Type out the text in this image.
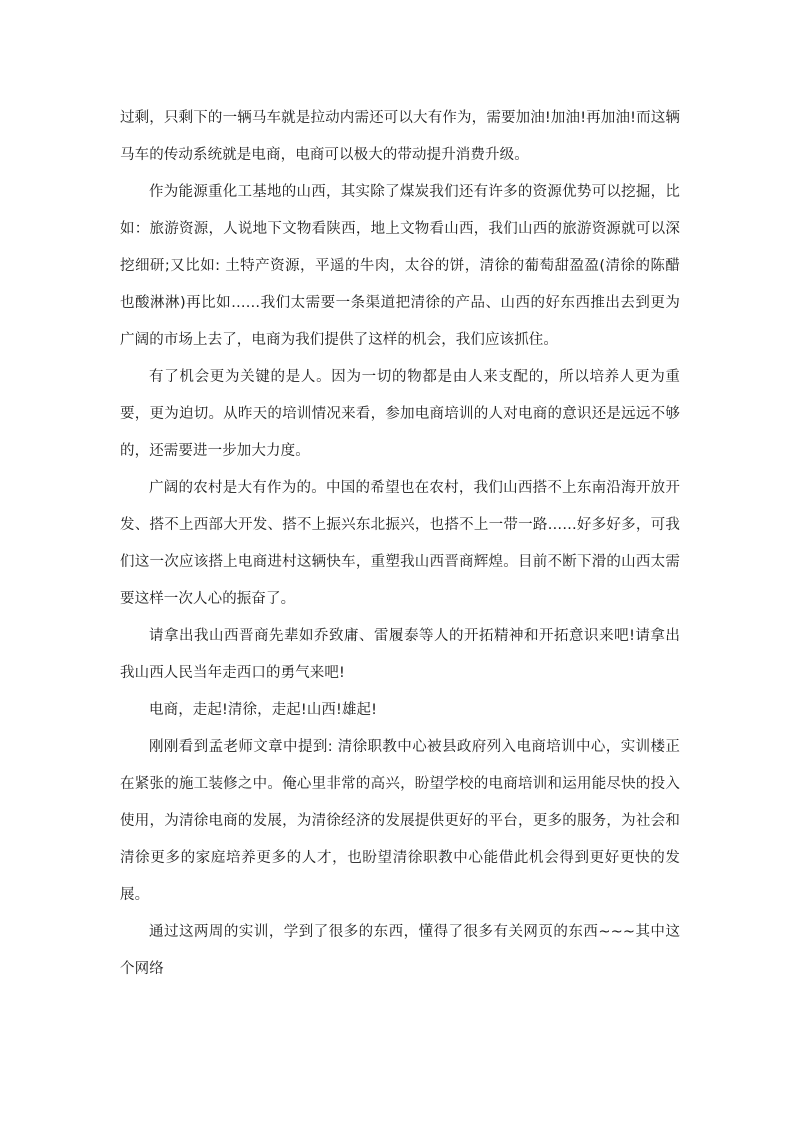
过剩，只剩下的一辆马车就是拉动内需还可以大有作为，需要加油!加油!再加油!而这辆马车的传动系统就是电商，电商可以极大的带动提升消费升级。

作为能源重化工基地的山西，其实除了煤炭我们还有许多的资源优势可以挖掘，比如：旅游资源，人说地下文物看陕西，地上文物看山西，我们山西的旅游资源就可以深挖细研;又比如: 土特产资源，平遥的牛肉，太谷的饼，清徐的葡萄甜盈盈(清徐的陈醋也酸淋淋)再比如……我们太需要一条渠道把清徐的产品、山西的好东西推出去到更为广阔的市场上去了，电商为我们提供了这样的机会，我们应该抓住。

有了机会更为关键的是人。因为一切的物都是由人来支配的，所以培养人更为重要，更为迫切。从昨天的培训情况来看，参加电商培训的人对电商的意识还是远远不够的，还需要进一步加大力度。

广阔的农村是大有作为的。中国的希望也在农村，我们山西搭不上东南沿海开放开发、搭不上西部大开发、搭不上振兴东北振兴，也搭不上一带一路……好多好多，可我们这一次应该搭上电商进村这辆快车，重塑我山西晋商辉煌。目前不断下滑的山西太需要这样一次人心的振奋了。

请拿出我山西晋商先辈如乔致庸、雷履泰等人的开拓精神和开拓意识来吧!请拿出我山西人民当年走西口的勇气来吧!

电商，走起!清徐，走起!山西!雄起!

刚刚看到孟老师文章中提到: 清徐职教中心被县政府列入电商培训中心，实训楼正在紧张的施工装修之中。俺心里非常的高兴，盼望学校的电商培训和运用能尽快的投入使用，为清徐电商的发展，为清徐经济的发展提供更好的平台，更多的服务，为社会和清徐更多的家庭培养更多的人才，也盼望清徐职教中心能借此机会得到更好更快的发展。

通过这两周的实训，学到了很多的东西，懂得了很多有关网页的东西~~~其中这个网络
